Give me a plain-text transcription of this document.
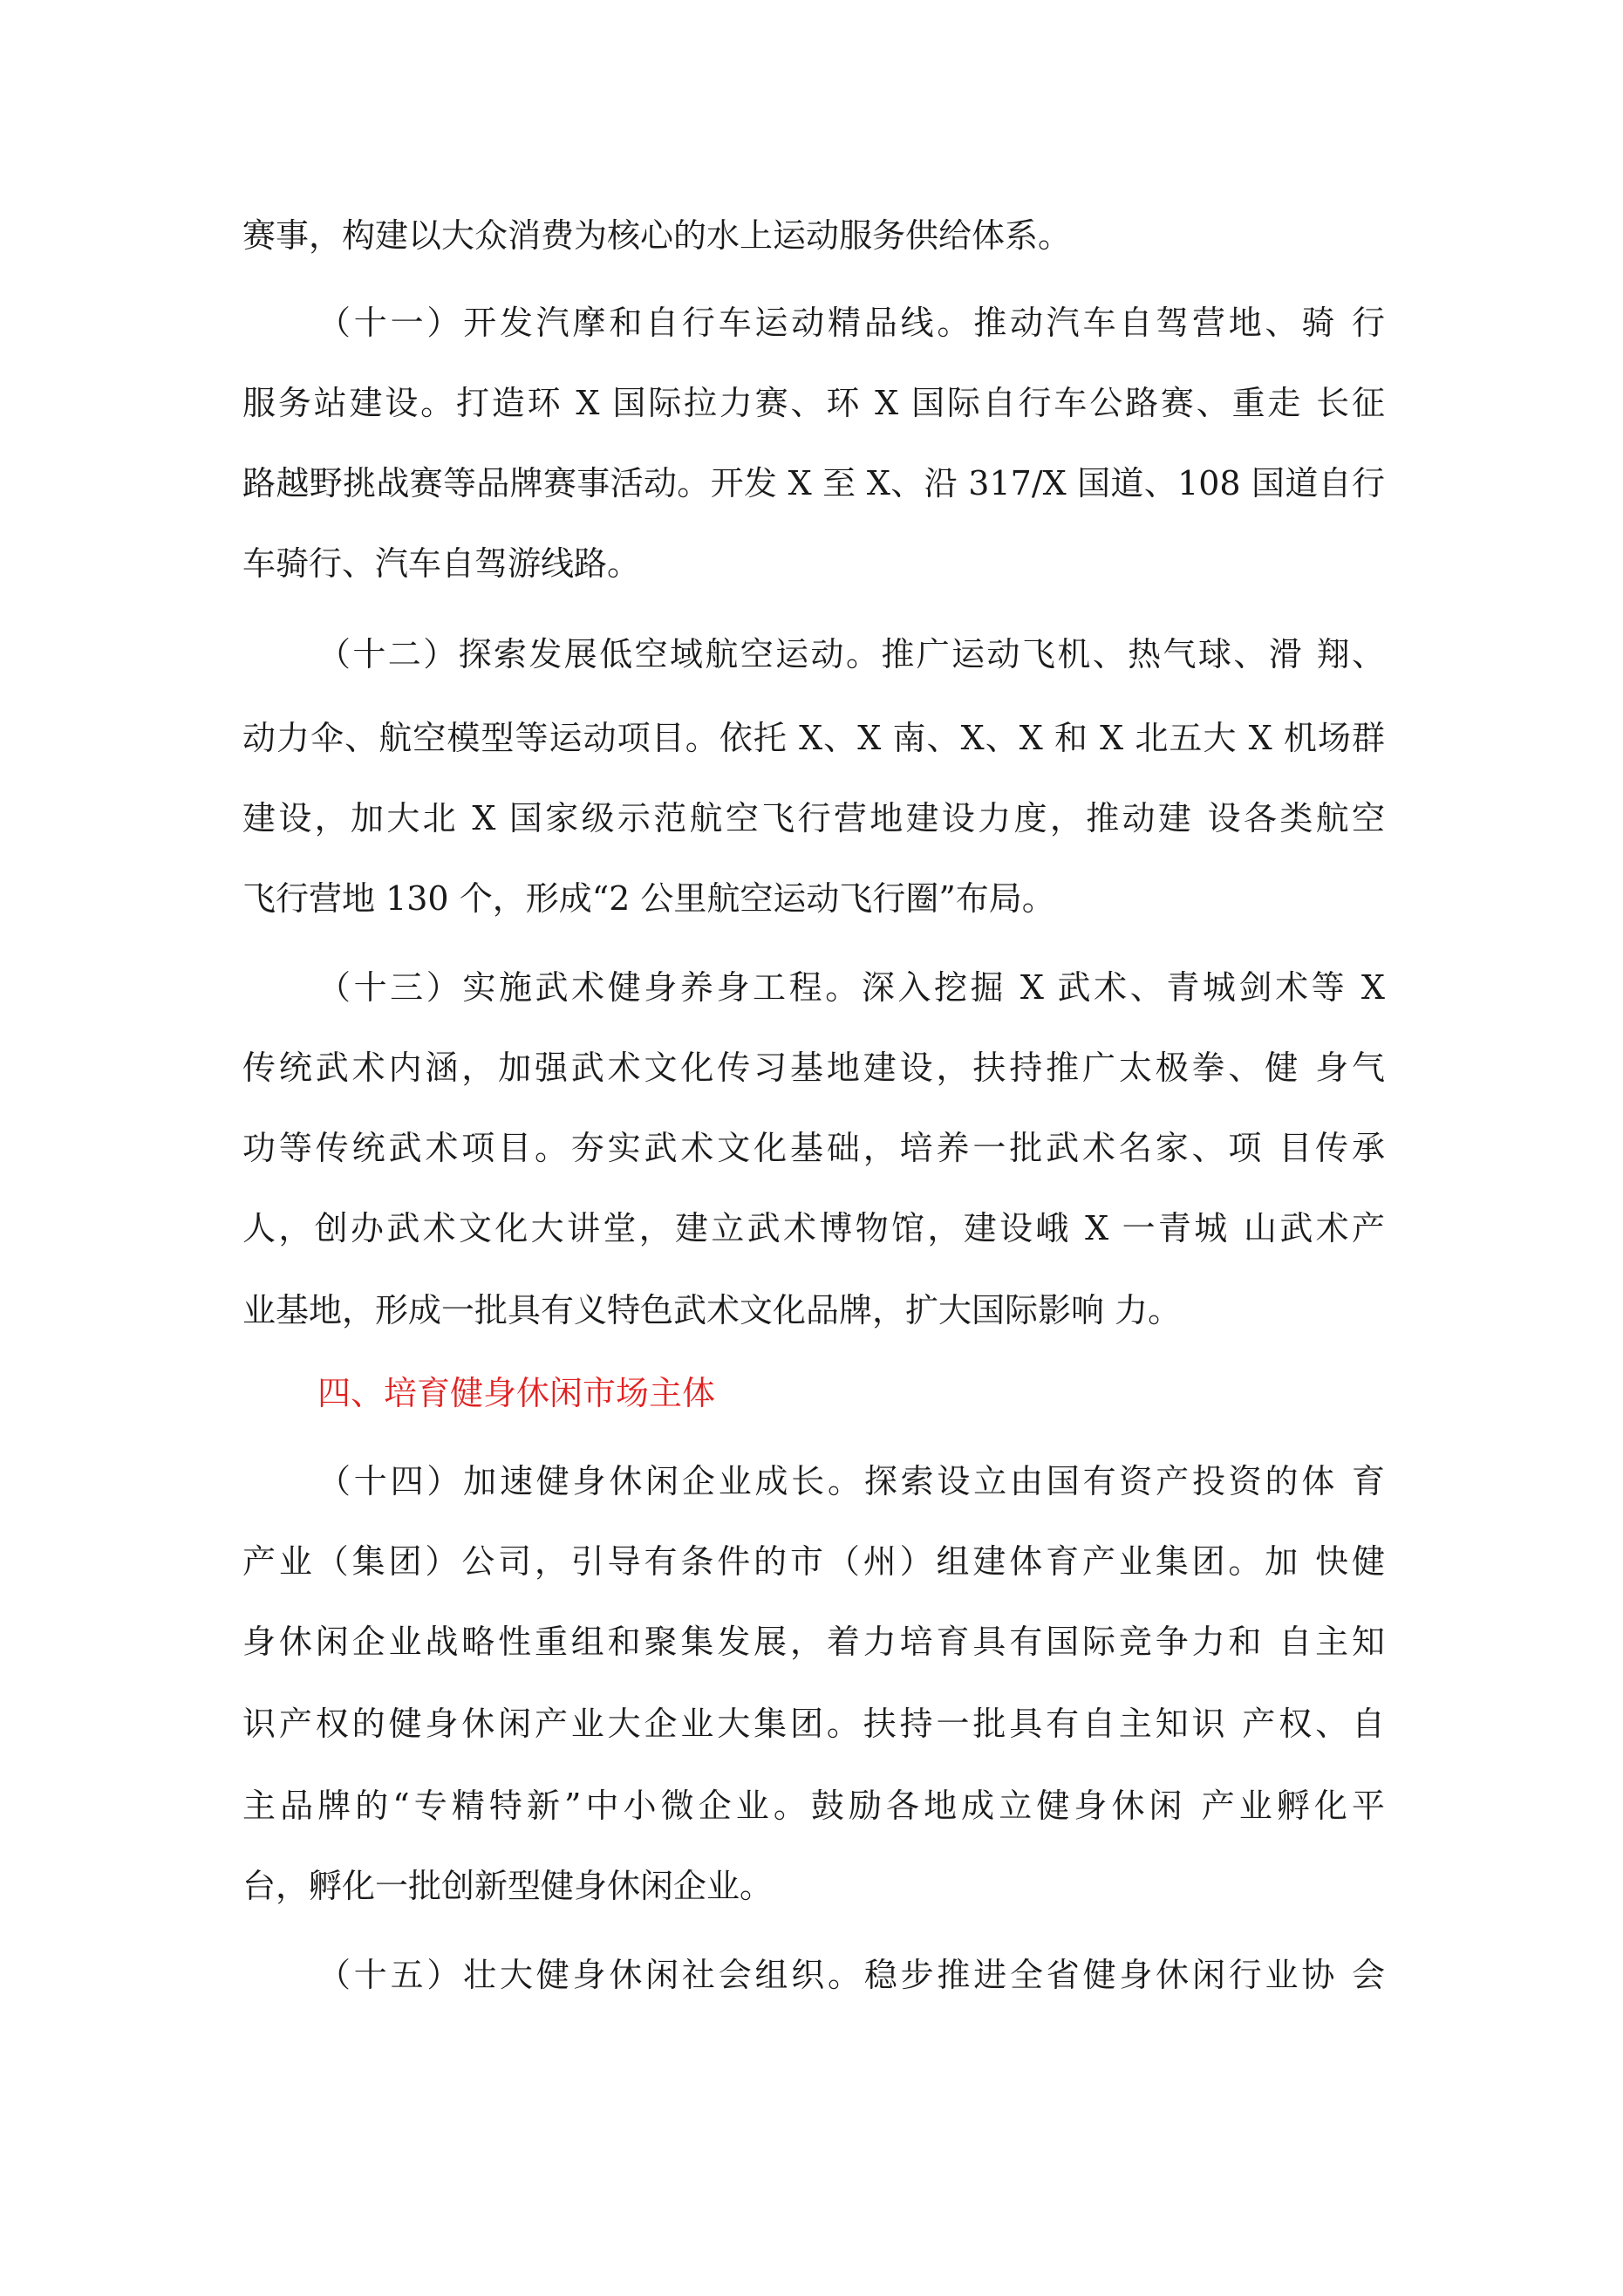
赛事，构建以大众消费为核心的水上运动服务供给体系。
（十一）开发汽摩和自行车运动精品线。推动汽车自驾营地、骑 行
服务站建设。打造环 X 国际拉力赛、环 X 国际自行车公路赛、重走 长征
路越野挑战赛等品牌赛事活动。开发 X 至 X、沿 317/X 国道、108 国道自行
车骑行、汽车自驾游线路。
（十二）探索发展低空域航空运动。推广运动飞机、热气球、滑 翔、
动力伞、航空模型等运动项目。依托 X、X 南、X、X 和 X 北五大 X 机场群
建设，加大北 X 国家级示范航空飞行营地建设力度，推动建 设各类航空
飞行营地 130 个，形成“2 公里航空运动飞行圈”布局。
（十三）实施武术健身养身工程。深入挖掘 X 武术、青城剑术等 X
传统武术内涵，加强武术文化传习基地建设，扶持推广太极拳、健 身气
功等传统武术项目。夯实武术文化基础，培养一批武术名家、项 目传承
人，创办武术文化大讲堂，建立武术博物馆，建设峨 X 一青城 山武术产
业基地，形成一批具有义特色武术文化品牌，扩大国际影响 力。
四、培育健身休闲市场主体
（十四）加速健身休闲企业成长。探索设立由国有资产投资的体 育
产业（集团）公司，引导有条件的市（州）组建体育产业集团。加 快健
身休闲企业战略性重组和聚集发展，着力培育具有国际竞争力和 自主知
识产权的健身休闲产业大企业大集团。扶持一批具有自主知识 产权、自
主品牌的“专精特新”中小微企业。鼓励各地成立健身休闲 产业孵化平
台，孵化一批创新型健身休闲企业。
（十五）壮大健身休闲社会组织。稳步推进全省健身休闲行业协 会
